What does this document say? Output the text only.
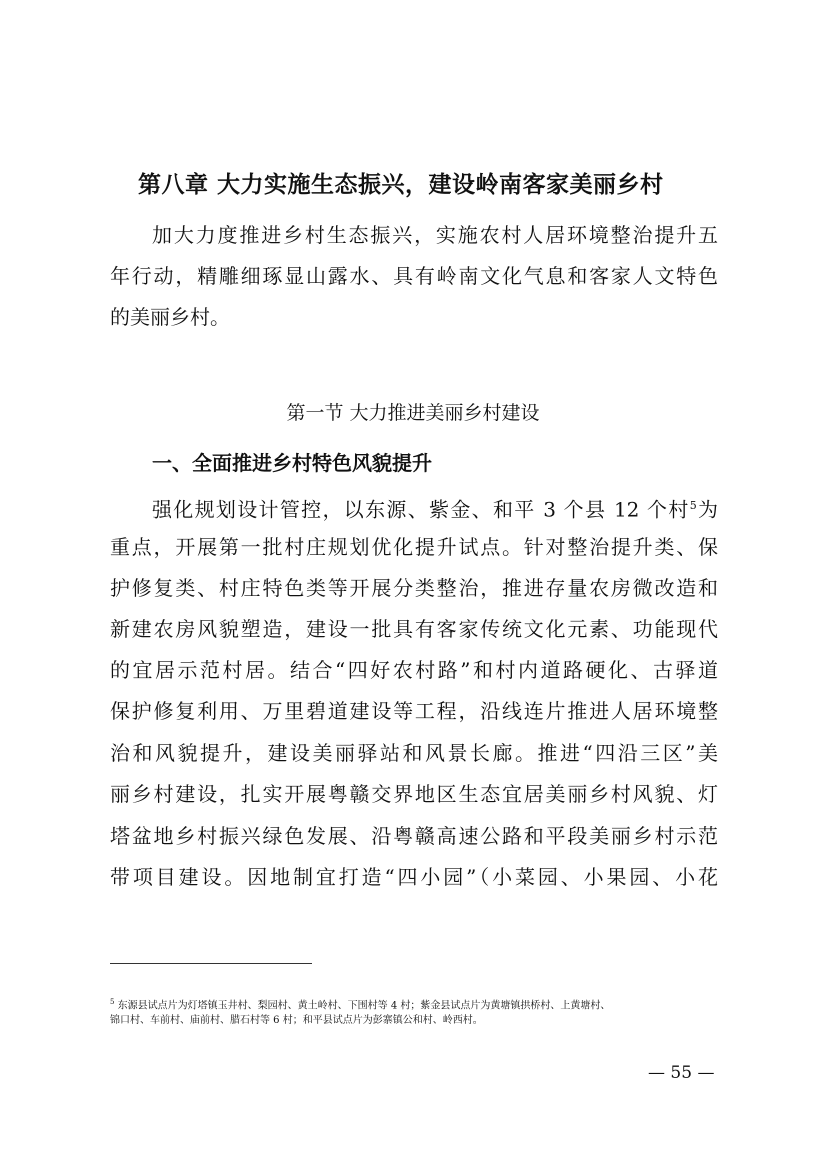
第八章 大力实施生态振兴，建设岭南客家美丽乡村
加大力度推进乡村生态振兴，实施农村人居环境整治提升五
年行动，精雕细琢显山露水、具有岭南文化气息和客家人文特色
的美丽乡村。
第一节 大力推进美丽乡村建设
一、全面推进乡村特色风貌提升
强化规划设计管控，以东源、紫金、和平 3 个县 12 个村$^5$为
重点，开展第一批村庄规划优化提升试点。针对整治提升类、保
护修复类、村庄特色类等开展分类整治，推进存量农房微改造和
新建农房风貌塑造，建设一批具有客家传统文化元素、功能现代
的宜居示范村居。结合“四好农村路”和村内道路硬化、古驿道
保护修复利用、万里碧道建设等工程，沿线连片推进人居环境整
治和风貌提升，建设美丽驿站和风景长廊。推进“四沿三区”美
丽乡村建设，扎实开展粤赣交界地区生态宜居美丽乡村风貌、灯
塔盆地乡村振兴绿色发展、沿粤赣高速公路和平段美丽乡村示范
带项目建设。因地制宜打造“四小园”（小菜园、小果园、小花
$^5$ 东源县试点片为灯塔镇玉井村、梨园村、黄土岭村、下围村等 4 村；紫金县试点片为黄塘镇拱桥村、上黄塘村、
锦口村、车前村、庙前村、腊石村等 6 村；和平县试点片为彭寨镇公和村、岭西村。
— 55 —
